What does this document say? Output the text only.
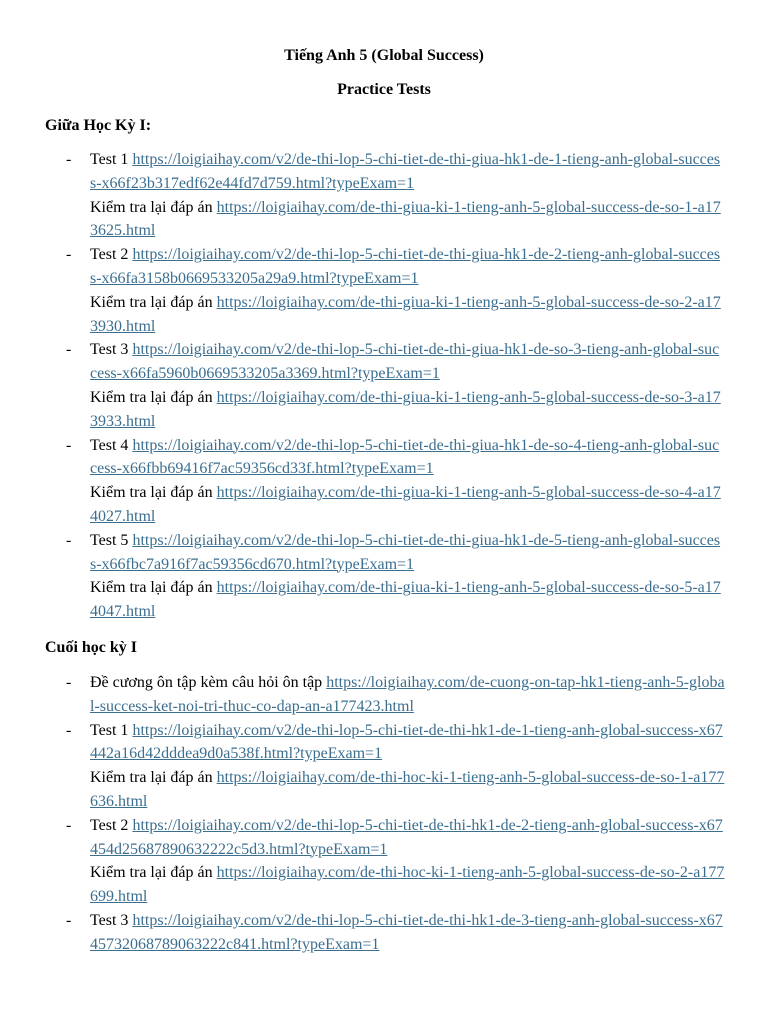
Tiếng Anh 5 (Global Success)
Practice Tests
Giữa Học Kỳ I:
- Test 1 https://loigiaihay.com/v2/de-thi-lop-5-chi-tiet-de-thi-giua-hk1-de-1-tieng-anh-global-success-x66f23b317edf62e44fd7d759.html?typeExam=1
Kiểm tra lại đáp án https://loigiaihay.com/de-thi-giua-ki-1-tieng-anh-5-global-success-de-so-1-a173625.html
- Test 2 https://loigiaihay.com/v2/de-thi-lop-5-chi-tiet-de-thi-giua-hk1-de-2-tieng-anh-global-success-x66fa3158b0669533205a29a9.html?typeExam=1
Kiểm tra lại đáp án https://loigiaihay.com/de-thi-giua-ki-1-tieng-anh-5-global-success-de-so-2-a173930.html
- Test 3 https://loigiaihay.com/v2/de-thi-lop-5-chi-tiet-de-thi-giua-hk1-de-so-3-tieng-anh-global-success-x66fa5960b0669533205a3369.html?typeExam=1
Kiểm tra lại đáp án https://loigiaihay.com/de-thi-giua-ki-1-tieng-anh-5-global-success-de-so-3-a173933.html
- Test 4 https://loigiaihay.com/v2/de-thi-lop-5-chi-tiet-de-thi-giua-hk1-de-so-4-tieng-anh-global-success-x66fbb69416f7ac59356cd33f.html?typeExam=1
Kiểm tra lại đáp án https://loigiaihay.com/de-thi-giua-ki-1-tieng-anh-5-global-success-de-so-4-a174027.html
- Test 5 https://loigiaihay.com/v2/de-thi-lop-5-chi-tiet-de-thi-giua-hk1-de-5-tieng-anh-global-success-x66fbc7a916f7ac59356cd670.html?typeExam=1
Kiểm tra lại đáp án https://loigiaihay.com/de-thi-giua-ki-1-tieng-anh-5-global-success-de-so-5-a174047.html
Cuối học kỳ I
- Đề cương ôn tập kèm câu hỏi ôn tập https://loigiaihay.com/de-cuong-on-tap-hk1-tieng-anh-5-global-success-ket-noi-tri-thuc-co-dap-an-a177423.html
- Test 1 https://loigiaihay.com/v2/de-thi-lop-5-chi-tiet-de-thi-hk1-de-1-tieng-anh-global-success-x67442a16d42dddea9d0a538f.html?typeExam=1
Kiểm tra lại đáp án https://loigiaihay.com/de-thi-hoc-ki-1-tieng-anh-5-global-success-de-so-1-a177636.html
- Test 2 https://loigiaihay.com/v2/de-thi-lop-5-chi-tiet-de-thi-hk1-de-2-tieng-anh-global-success-x67454d25687890632222c5d3.html?typeExam=1
Kiểm tra lại đáp án https://loigiaihay.com/de-thi-hoc-ki-1-tieng-anh-5-global-success-de-so-2-a177699.html
- Test 3 https://loigiaihay.com/v2/de-thi-lop-5-chi-tiet-de-thi-hk1-de-3-tieng-anh-global-success-x6745732068789063222c841.html?typeExam=1
